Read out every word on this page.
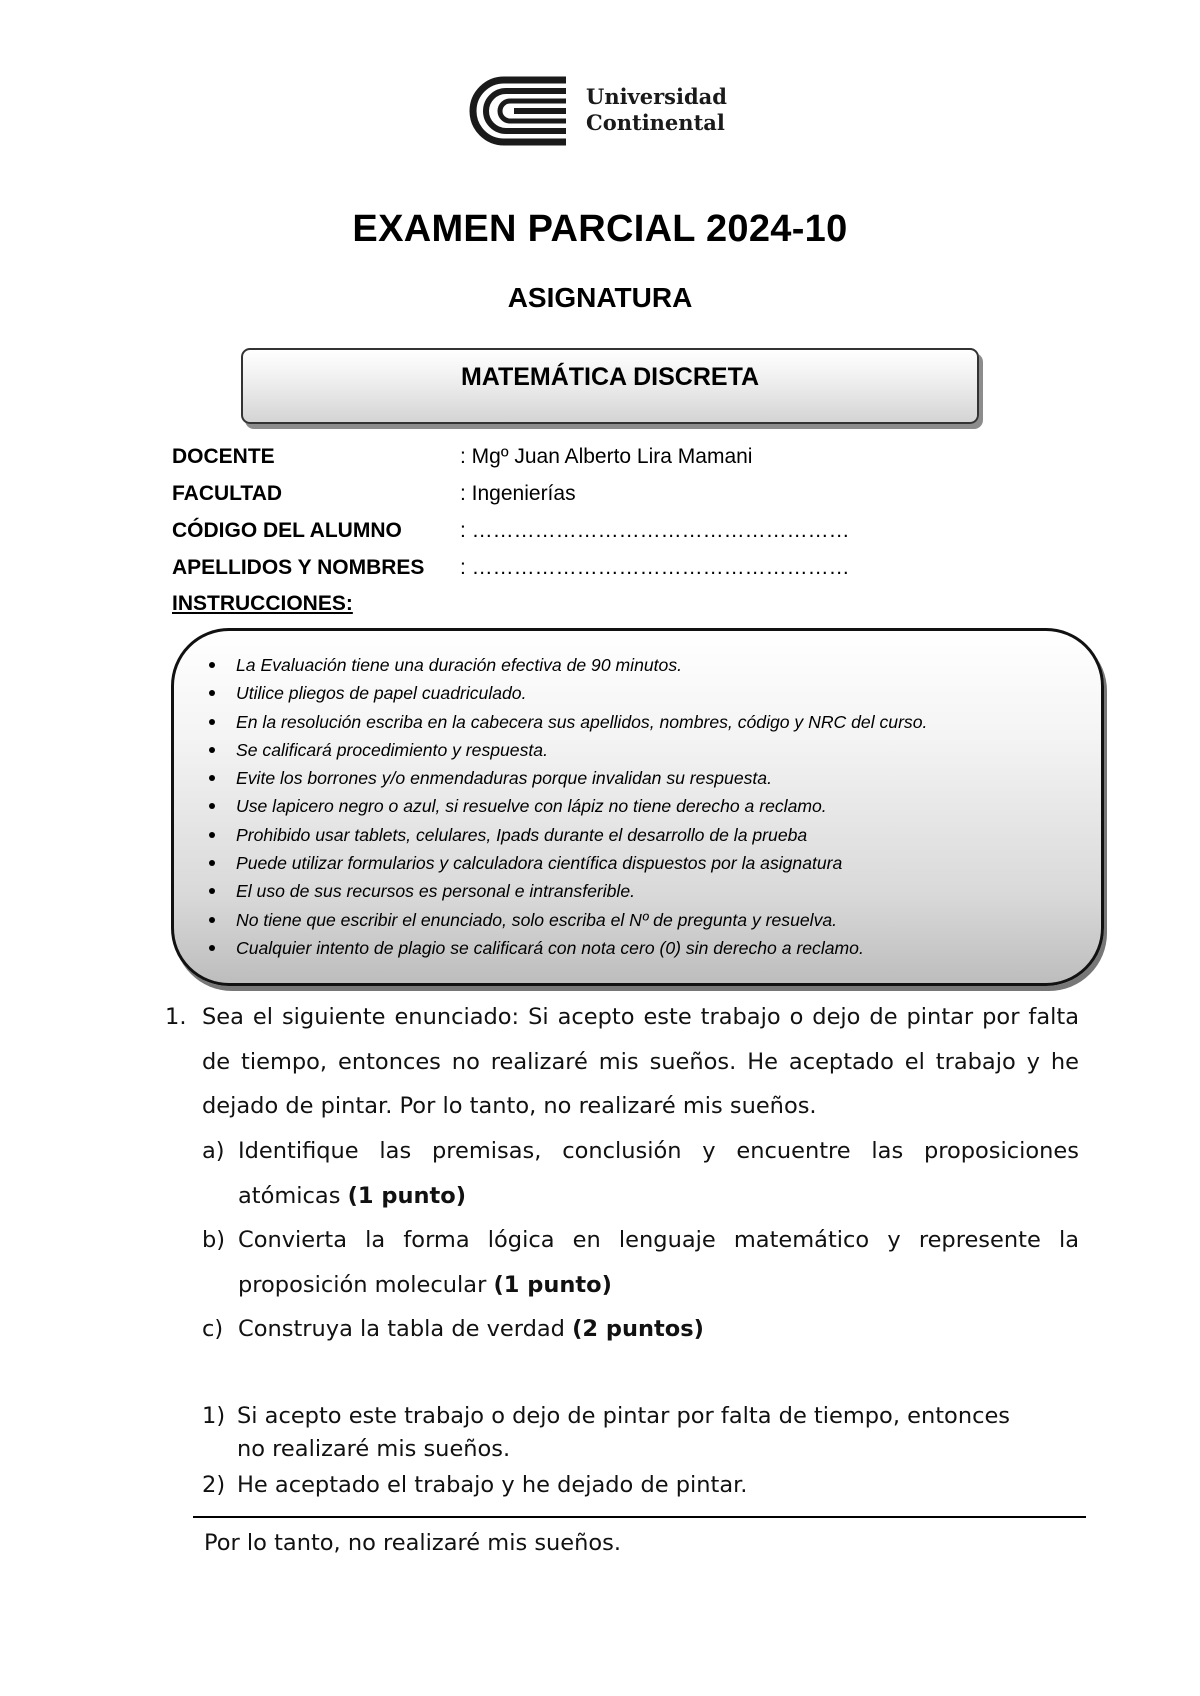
Universidad
Continental
EXAMEN PARCIAL 2024-10
ASIGNATURA
MATEMÁTICA DISCRETA
DOCENTE	: Mgº Juan Alberto Lira Mamani
FACULTAD	: Ingenierías
CÓDIGO DEL ALUMNO	: ………………………………………………
APELLIDOS Y NOMBRES : ………………………………………………
INSTRUCCIONES:
La Evaluación tiene una duración efectiva de 90 minutos.
Utilice pliegos de papel cuadriculado.
En la resolución escriba en la cabecera sus apellidos, nombres, código y NRC del curso.
Se calificará procedimiento y respuesta.
Evite los borrones y/o enmendaduras porque invalidan su respuesta.
Use lapicero negro o azul, si resuelve con lápiz no tiene derecho a reclamo.
Prohibido usar tablets, celulares, Ipads durante el desarrollo de la prueba
Puede utilizar formularios y calculadora científica dispuestos por la asignatura
El uso de sus recursos es personal e intransferible.
No tiene que escribir el enunciado, solo escriba el Nº de pregunta y resuelva.
Cualquier intento de plagio se calificará con nota cero (0) sin derecho a reclamo.
1. Sea el siguiente enunciado: Si acepto este trabajo o dejo de pintar por falta de tiempo, entonces no realizaré mis sueños. He aceptado el trabajo y he dejado de pintar. Por lo tanto, no realizaré mis sueños.
a) Identifique las premisas, conclusión y encuentre las proposiciones atómicas (1 punto)
b) Convierta la forma lógica en lenguaje matemático y represente la proposición molecular (1 punto)
c) Construya la tabla de verdad (2 puntos)
1) Si acepto este trabajo o dejo de pintar por falta de tiempo, entonces no realizaré mis sueños.
2) He aceptado el trabajo y he dejado de pintar.
Por lo tanto, no realizaré mis sueños.
